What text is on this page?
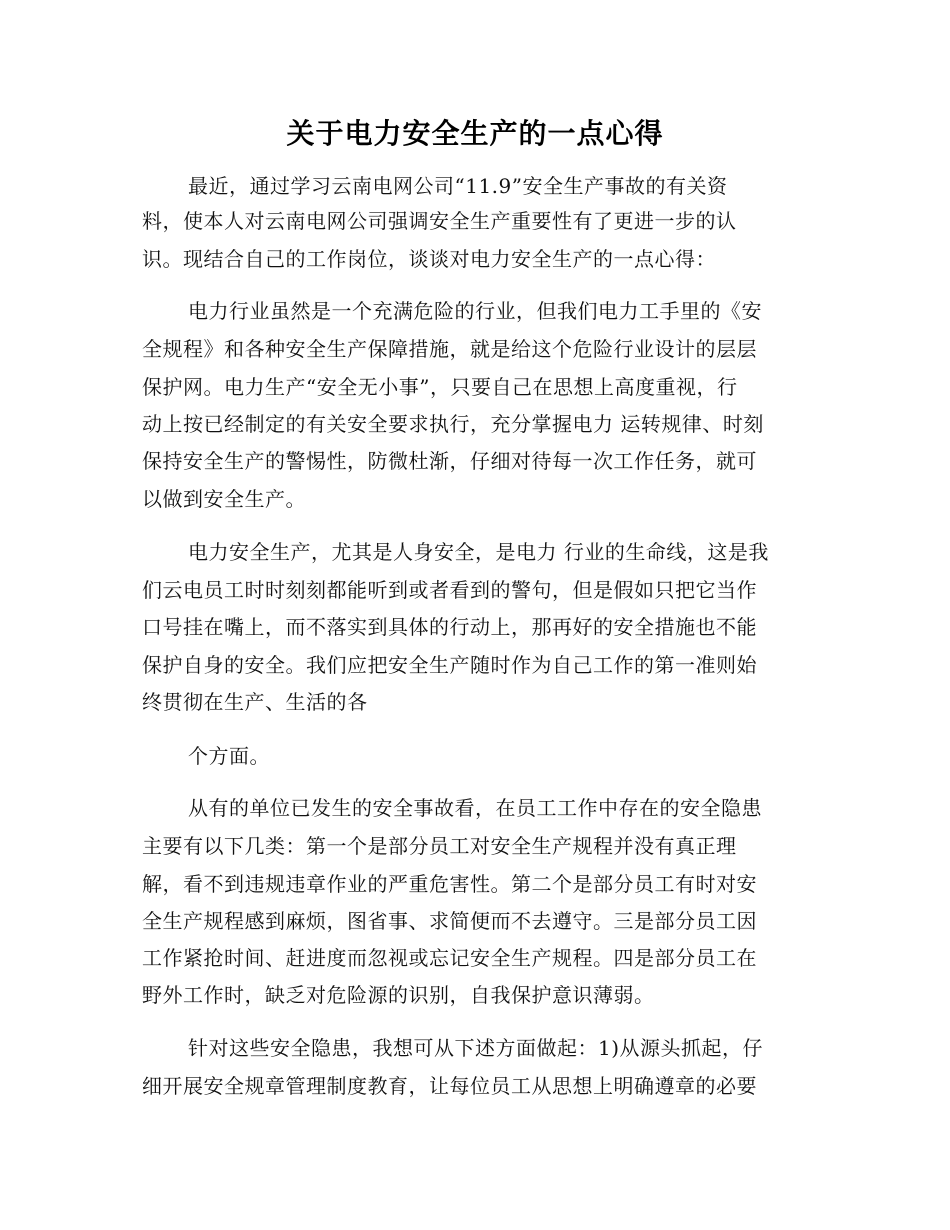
关于电力安全生产的一点心得
最近，通过学习云南电网公司“11.9”安全生产事故的有关资
料，使本人对云南电网公司强调安全生产重要性有了更进一步的认
识。现结合自己的工作岗位，谈谈对电力安全生产的一点心得：
电力行业虽然是一个充满危险的行业，但我们电力工手里的《安
全规程》和各种安全生产保障措施，就是给这个危险行业设计的层层
保护网。电力生产“安全无小事”，只要自己在思想上高度重视，行
动上按已经制定的有关安全要求执行，充分掌握电力 运转规律、时刻
保持安全生产的警惕性，防微杜渐，仔细对待每一次工作任务，就可
以做到安全生产。
电力安全生产，尤其是人身安全，是电力 行业的生命线，这是我
们云电员工时时刻刻都能听到或者看到的警句，但是假如只把它当作
口号挂在嘴上，而不落实到具体的行动上，那再好的安全措施也不能
保护自身的安全。我们应把安全生产随时作为自己工作的第一准则始
终贯彻在生产、生活的各
个方面。
从有的单位已发生的安全事故看，在员工工作中存在的安全隐患
主要有以下几类：第一个是部分员工对安全生产规程并没有真正理
解，看不到违规违章作业的严重危害性。第二个是部分员工有时对安
全生产规程感到麻烦，图省事、求简便而不去遵守。三是部分员工因
工作紧抢时间、赶进度而忽视或忘记安全生产规程。四是部分员工在
野外工作时，缺乏对危险源的识别，自我保护意识薄弱。
针对这些安全隐患，我想可从下述方面做起：1)从源头抓起，仔
细开展安全规章管理制度教育，让每位员工从思想上明确遵章的必要
